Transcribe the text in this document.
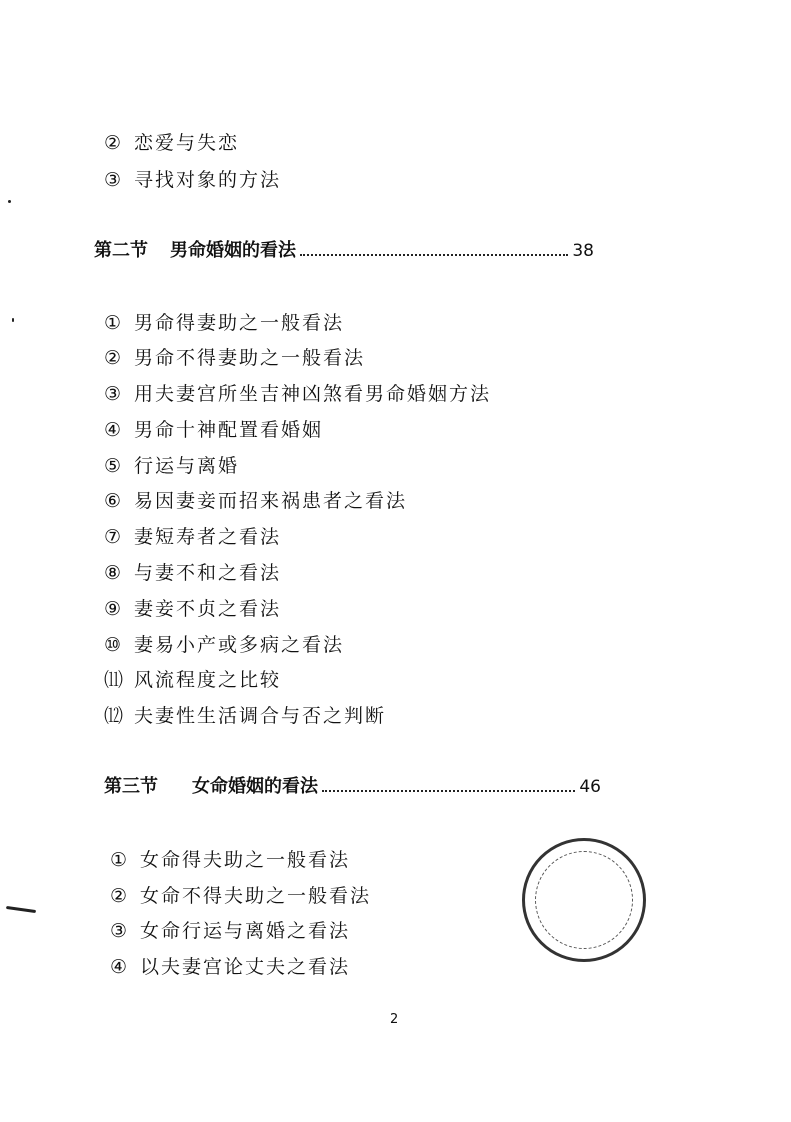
② 恋爱与失恋
③ 寻找对象的方法
第二节 男命婚姻的看法	38
① 男命得妻助之一般看法
② 男命不得妻助之一般看法
③ 用夫妻宫所坐吉神凶煞看男命婚姻方法
④ 男命十神配置看婚姻
⑤ 行运与离婚
⑥ 易因妻妾而招来祸患者之看法
⑦ 妻短寿者之看法
⑧ 与妻不和之看法
⑨ 妻妾不贞之看法
⑩ 妻易小产或多病之看法
⑾ 风流程度之比较
⑿ 夫妻性生活调合与否之判断
第三节 女命婚姻的看法	46
① 女命得夫助之一般看法
② 女命不得夫助之一般看法
③ 女命行运与离婚之看法
④ 以夫妻宫论丈夫之看法
2
